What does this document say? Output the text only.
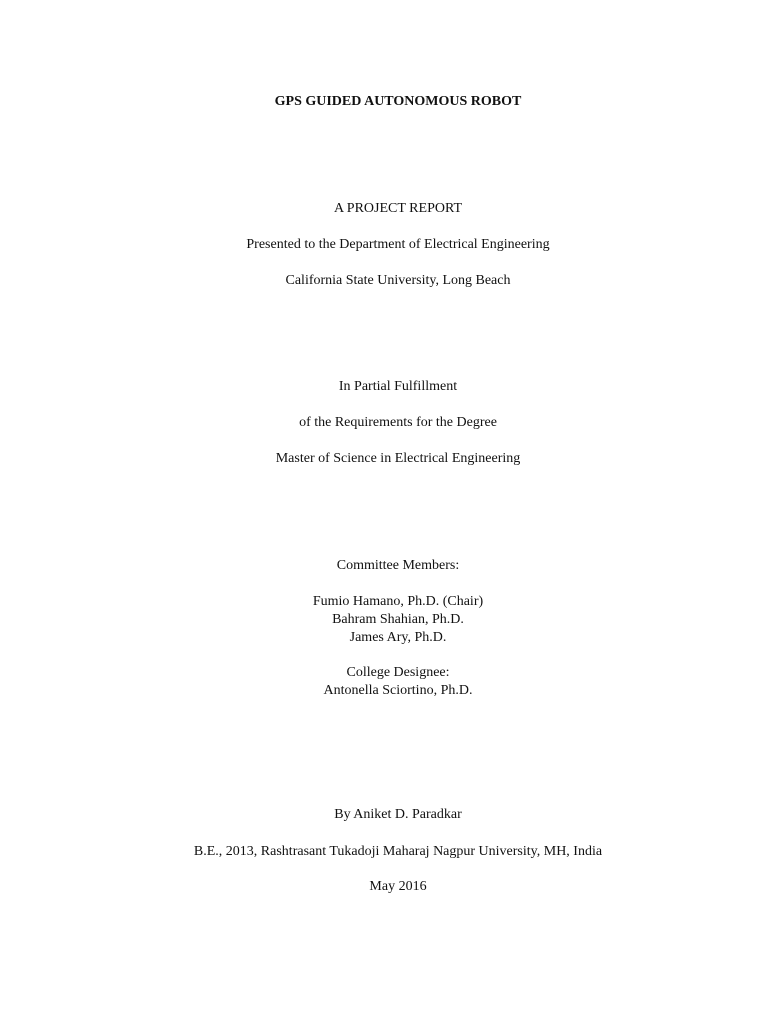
GPS GUIDED AUTONOMOUS ROBOT
A PROJECT REPORT
Presented to the Department of Electrical Engineering
California State University, Long Beach
In Partial Fulfillment
of the Requirements for the Degree
Master of Science in Electrical Engineering
Committee Members:
Fumio Hamano, Ph.D. (Chair)
Bahram Shahian, Ph.D.
James Ary, Ph.D.
College Designee:
Antonella Sciortino, Ph.D.
By Aniket D. Paradkar
B.E., 2013, Rashtrasant Tukadoji Maharaj Nagpur University, MH, India
May 2016
